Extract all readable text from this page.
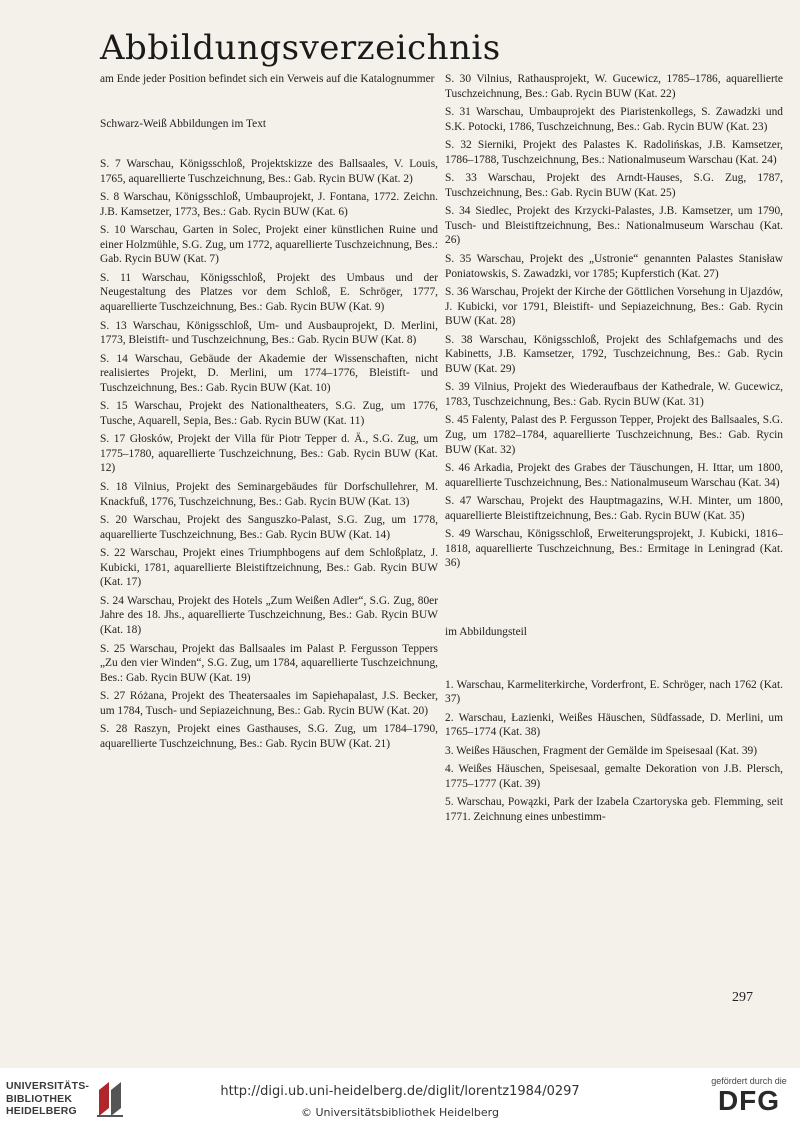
Abbildungsverzeichnis

am Ende jeder Position befindet sich ein Verweis auf die Katalognummer

Schwarz-Weiß Abbildungen im Text

S. 7 Warschau, Königsschloß, Projektskizze des Ballsaales, V. Louis, 1765, aquarellierte Tuschzeichnung, Bes.: Gab. Rycin BUW (Kat. 2)

S. 8 Warschau, Königsschloß, Umbauprojekt, J. Fontana, 1772. Zeichn. J.B. Kamsetzer, 1773, Bes.: Gab. Rycin BUW (Kat. 6)

S. 10 Warschau, Garten in Solec, Projekt einer künstlichen Ruine und einer Holzmühle, S.G. Zug, um 1772, aquarellierte Tuschzeichnung, Bes.: Gab. Rycin BUW (Kat. 7)

S. 11 Warschau, Königsschloß, Projekt des Umbaus und der Neugestaltung des Platzes vor dem Schloß, E. Schröger, 1777, aquarellierte Tuschzeichnung, Bes.: Gab. Rycin BUW (Kat. 9)

S. 13 Warschau, Königsschloß, Um- und Ausbauprojekt, D. Merlini, 1773, Bleistift- und Tuschzeichnung, Bes.: Gab. Rycin BUW (Kat. 8)

S. 14 Warschau, Gebäude der Akademie der Wissenschaften, nicht realisiertes Projekt, D. Merlini, um 1774–1776, Bleistift- und Tuschzeichnung, Bes.: Gab. Rycin BUW (Kat. 10)

S. 15 Warschau, Projekt des Nationaltheaters, S.G. Zug, um 1776, Tusche, Aquarell, Sepia, Bes.: Gab. Rycin BUW (Kat. 11)

S. 17 Głosków, Projekt der Villa für Piotr Tepper d. Ä., S.G. Zug, um 1775–1780, aquarellierte Tuschzeichnung, Bes.: Gab. Rycin BUW (Kat. 12)

S. 18 Vilnius, Projekt des Seminargebäudes für Dorfschullehrer, M. Knackfuß, 1776, Tuschzeichnung, Bes.: Gab. Rycin BUW (Kat. 13)

S. 20 Warschau, Projekt des Sanguszko-Palast, S.G. Zug, um 1778, aquarellierte Tuschzeichnung, Bes.: Gab. Rycin BUW (Kat. 14)

S. 22 Warschau, Projekt eines Triumphbogens auf dem Schloßplatz, J. Kubicki, 1781, aquarellierte Bleistiftzeichnung, Bes.: Gab. Rycin BUW (Kat. 17)

S. 24 Warschau, Projekt des Hotels „Zum Weißen Adler“, S.G. Zug, 80er Jahre des 18. Jhs., aquarellierte Tuschzeichnung, Bes.: Gab. Rycin BUW (Kat. 18)

S. 25 Warschau, Projekt das Ballsaales im Palast P. Fergusson Teppers „Zu den vier Winden“, S.G. Zug, um 1784, aquarellierte Tuschzeichnung, Bes.: Gab. Rycin BUW (Kat. 19)

S. 27 Różana, Projekt des Theatersaales im Sapiehapalast, J.S. Becker, um 1784, Tusch- und Sepiazeichnung, Bes.: Gab. Rycin BUW (Kat. 20)

S. 28 Raszyn, Projekt eines Gasthauses, S.G. Zug, um 1784–1790, aquarellierte Tuschzeichnung, Bes.: Gab. Rycin BUW (Kat. 21)

S. 30 Vilnius, Rathausprojekt, W. Gucewicz, 1785–1786, aquarellierte Tuschzeichnung, Bes.: Gab. Rycin BUW (Kat. 22)

S. 31 Warschau, Umbauprojekt des Piaristenkollegs, S. Zawadzki und S.K. Potocki, 1786, Tuschzeichnung, Bes.: Gab. Rycin BUW (Kat. 23)

S. 32 Sierniki, Projekt des Palastes K. Radolińskas, J.B. Kamsetzer, 1786–1788, Tuschzeichnung, Bes.: Nationalmuseum Warschau (Kat. 24)

S. 33 Warschau, Projekt des Arndt-Hauses, S.G. Zug, 1787, Tuschzeichnung, Bes.: Gab. Rycin BUW (Kat. 25)

S. 34 Siedlec, Projekt des Krzycki-Palastes, J.B. Kamsetzer, um 1790, Tusch- und Bleistiftzeichnung, Bes.: Nationalmuseum Warschau (Kat. 26)

S. 35 Warschau, Projekt des „Ustronie“ genannten Palastes Stanisław Poniatowskis, S. Zawadzki, vor 1785; Kupferstich (Kat. 27)

S. 36 Warschau, Projekt der Kirche der Göttlichen Vorsehung in Ujazdów, J. Kubicki, vor 1791, Bleistift- und Sepiazeichnung, Bes.: Gab. Rycin BUW (Kat. 28)

S. 38 Warschau, Königsschloß, Projekt des Schlafgemachs und des Kabinetts, J.B. Kamsetzer, 1792, Tuschzeichnung, Bes.: Gab. Rycin BUW (Kat. 29)

S. 39 Vilnius, Projekt des Wiederaufbaus der Kathedrale, W. Gucewicz, 1783, Tuschzeichnung, Bes.: Gab. Rycin BUW (Kat. 31)

S. 45 Falenty, Palast des P. Fergusson Tepper, Projekt des Ballsaales, S.G. Zug, um 1782–1784, aquarellierte Tuschzeichnung, Bes.: Gab. Rycin BUW (Kat. 32)

S. 46 Arkadia, Projekt des Grabes der Täuschungen, H. Ittar, um 1800, aquarellierte Tuschzeichnung, Bes.: Nationalmuseum Warschau (Kat. 34)

S. 47 Warschau, Projekt des Hauptmagazins, W.H. Minter, um 1800, aquarellierte Bleistiftzeichnung, Bes.: Gab. Rycin BUW (Kat. 35)

S. 49 Warschau, Königsschloß, Erweiterungsprojekt, J. Kubicki, 1816–1818, aquarellierte Tuschzeichnung, Bes.: Ermitage in Leningrad (Kat. 36)

im Abbildungsteil

1. Warschau, Karmeliterkirche, Vorderfront, E. Schröger, nach 1762 (Kat. 37)

2. Warschau, Łazienki, Weißes Häuschen, Südfassade, D. Merlini, um 1765–1774 (Kat. 38)

3. Weißes Häuschen, Fragment der Gemälde im Speisesaal (Kat. 39)

4. Weißes Häuschen, Speisesaal, gemalte Dekoration von J.B. Plersch, 1775–1777 (Kat. 39)

5. Warschau, Powązki, Park der Izabela Czartoryska geb. Flemming, seit 1771. Zeichnung eines unbestimm-

297
UNIVERSITÄTS-
BIBLIOTHEK
HEIDELBERG
http://digi.ub.uni-heidelberg.de/diglit/lorentz1984/0297
© Universitätsbibliothek Heidelberg
gefördert durch die
DFG
